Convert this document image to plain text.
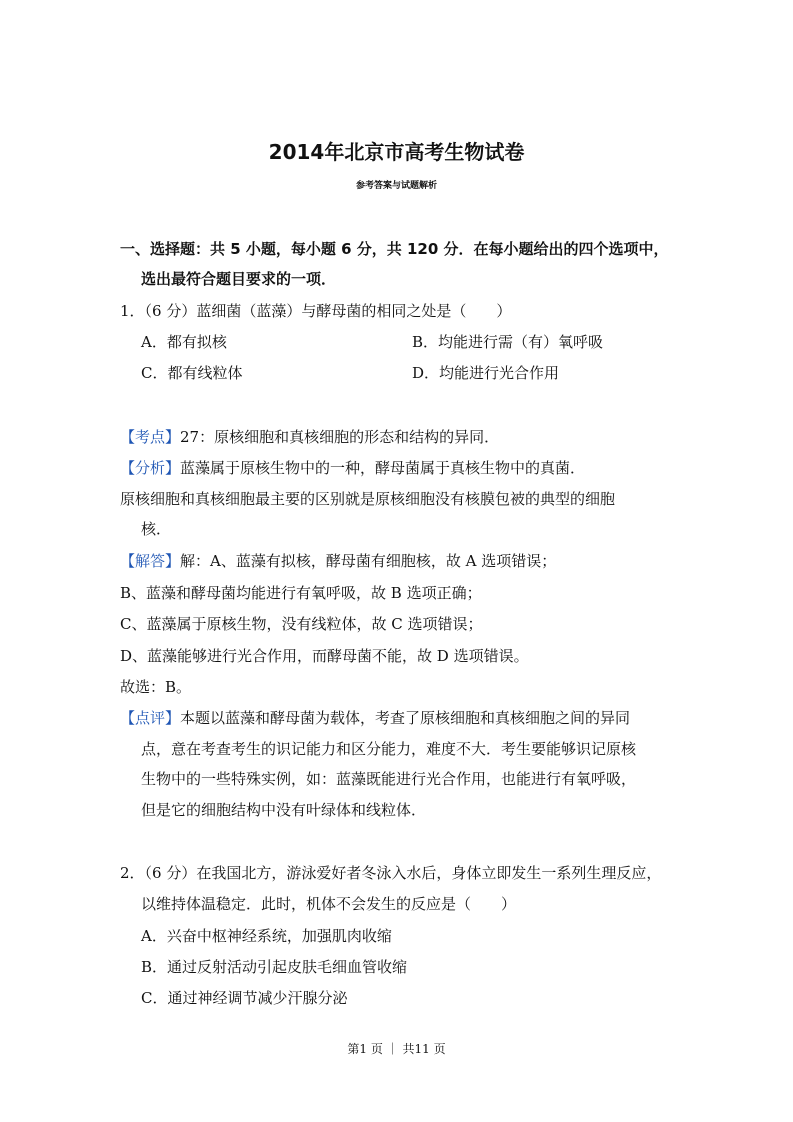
2014年北京市高考生物试卷
参考答案与试题解析
一、选择题：共 5 小题，每小题 6 分，共 120 分．在每小题给出的四个选项中，
选出最符合题目要求的一项．
1．（6 分）蓝细菌（蓝藻）与酵母菌的相同之处是（　　）
A．都有拟核	B．均能进行需（有）氧呼吸
C．都有线粒体	D．均能进行光合作用
【考点】27：原核细胞和真核细胞的形态和结构的异同．
【分析】蓝藻属于原核生物中的一种，酵母菌属于真核生物中的真菌．
原核细胞和真核细胞最主要的区别就是原核细胞没有核膜包被的典型的细胞
核．
【解答】解：A、蓝藻有拟核，酵母菌有细胞核，故 A 选项错误；
B、蓝藻和酵母菌均能进行有氧呼吸，故 B 选项正确；
C、蓝藻属于原核生物，没有线粒体，故 C 选项错误；
D、蓝藻能够进行光合作用，而酵母菌不能，故 D 选项错误。
故选：B。
【点评】本题以蓝藻和酵母菌为载体，考查了原核细胞和真核细胞之间的异同
点，意在考查考生的识记能力和区分能力，难度不大．考生要能够识记原核
生物中的一些特殊实例，如：蓝藻既能进行光合作用，也能进行有氧呼吸，
但是它的细胞结构中没有叶绿体和线粒体．
2．（6 分）在我国北方，游泳爱好者冬泳入水后，身体立即发生一系列生理反应，
以维持体温稳定．此时，机体不会发生的反应是（　　）
A．兴奋中枢神经系统，加强肌肉收缩
B．通过反射活动引起皮肤毛细血管收缩
C．通过神经调节减少汗腺分泌
第1 页 ｜ 共11 页
